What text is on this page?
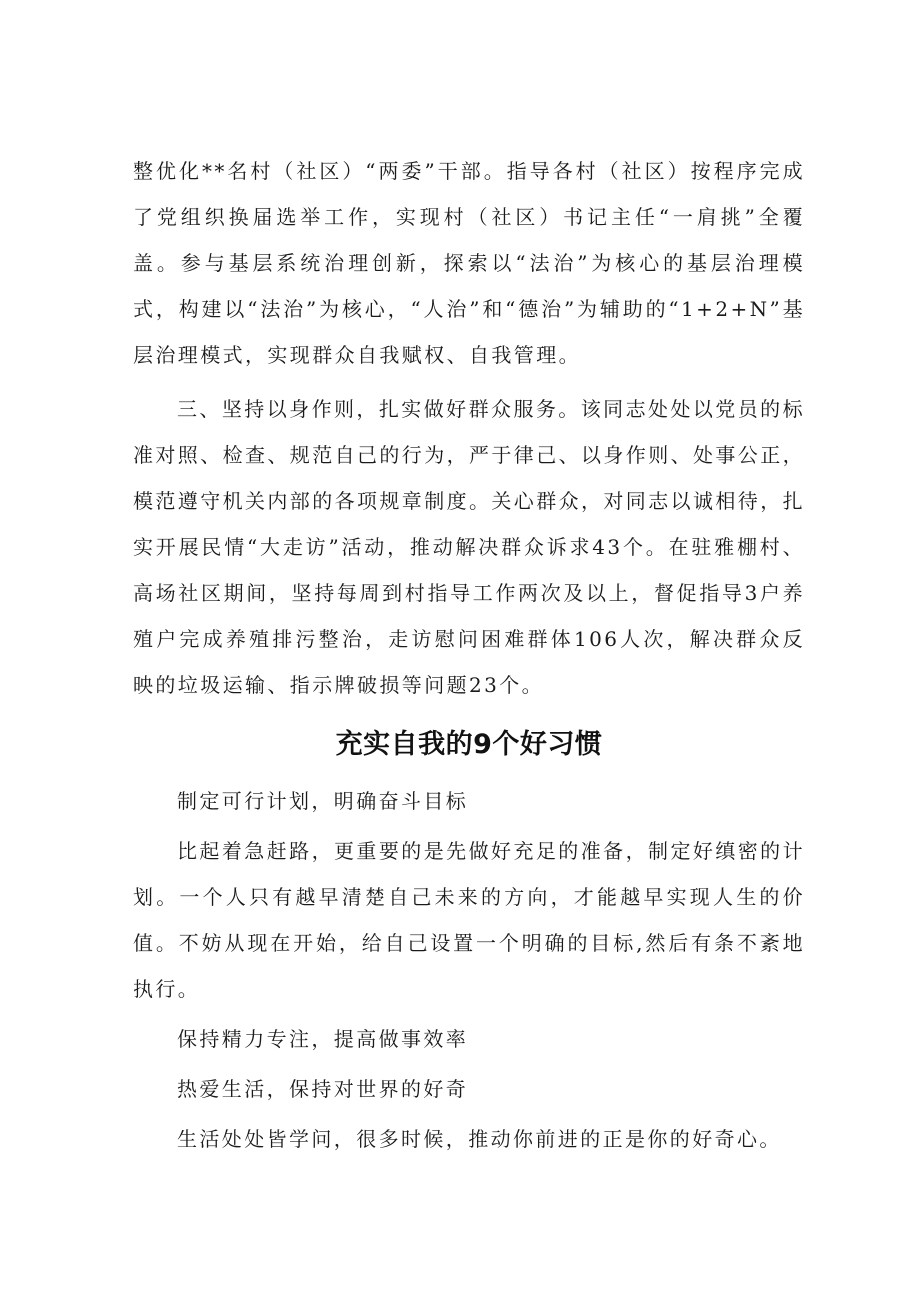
整优化**名村（社区）“两委”干部。指导各村（社区）按程序完成了党组织换届选举工作，实现村（社区）书记主任“一肩挑”全覆盖。参与基层系统治理创新，探索以“法治”为核心的基层治理模式，构建以“法治”为核心，“人治”和“德治”为辅助的“1+2+N”基层治理模式，实现群众自我赋权、自我管理。

三、坚持以身作则，扎实做好群众服务。该同志处处以党员的标准对照、检查、规范自己的行为，严于律己、以身作则、处事公正，模范遵守机关内部的各项规章制度。关心群众，对同志以诚相待，扎实开展民情“大走访”活动，推动解决群众诉求43个。在驻雅棚村、高场社区期间，坚持每周到村指导工作两次及以上，督促指导3户养殖户完成养殖排污整治，走访慰问困难群体106人次，解决群众反映的垃圾运输、指示牌破损等问题23个。

充实自我的9个好习惯

制定可行计划，明确奋斗目标

比起着急赶路，更重要的是先做好充足的准备，制定好缜密的计划。一个人只有越早清楚自己未来的方向，才能越早实现人生的价值。不妨从现在开始，给自己设置一个明确的目标,然后有条不紊地执行。

保持精力专注，提高做事效率

热爱生活，保持对世界的好奇

生活处处皆学问，很多时候，推动你前进的正是你的好奇心。
